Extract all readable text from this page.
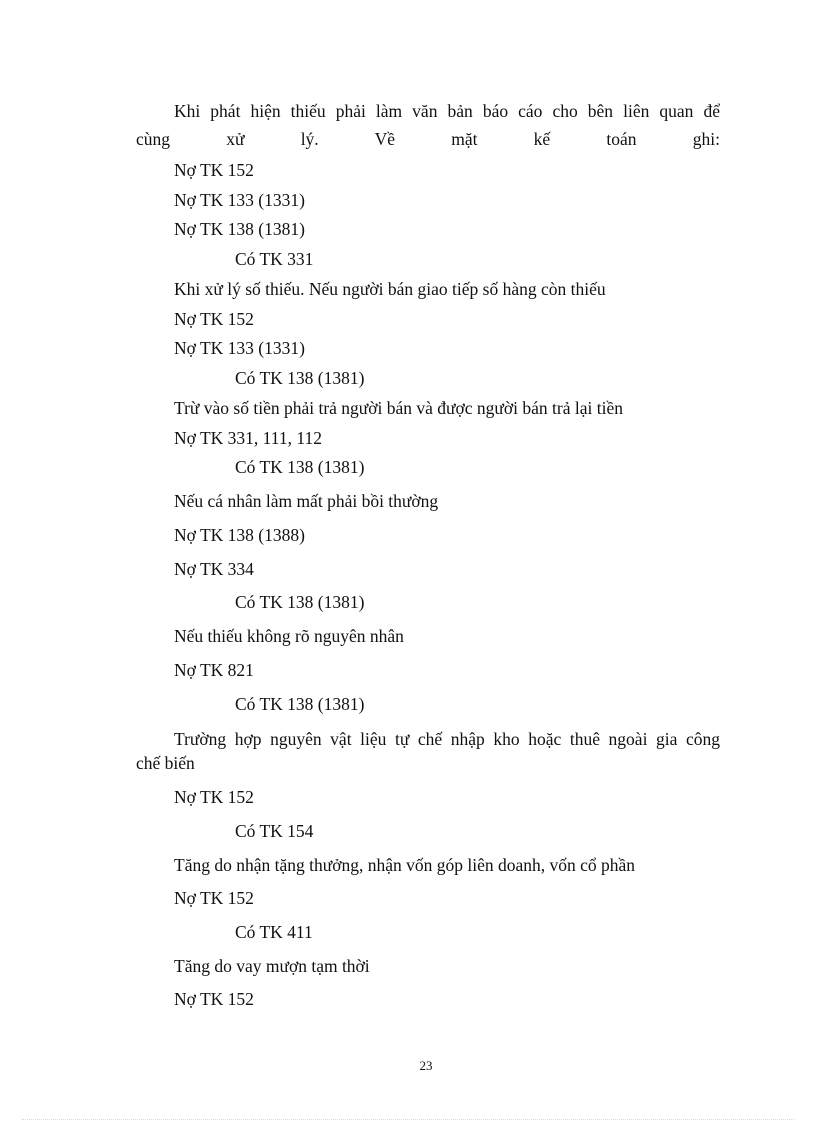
Khi phát hiện thiếu phải làm văn bản báo cáo cho bên liên quan để
cùng xử lý. Về mặt kế toán ghi:
Nợ TK 152
Nợ TK 133 (1331)
Nợ TK 138 (1381)
Có TK 331
Khi xử lý số thiếu. Nếu người bán giao tiếp số hàng còn thiếu
Nợ TK 152
Nợ TK 133 (1331)
Có TK 138 (1381)
Trừ vào số tiền phải trả người bán và được người bán trả lại tiền
Nợ TK 331, 111, 112
Có TK 138 (1381)
Nếu cá nhân làm mất phải bồi thường
Nợ TK 138 (1388)
Nợ TK 334
Có TK 138 (1381)
Nếu thiếu không rõ nguyên nhân
Nợ TK 821
Có TK 138 (1381)
Trường hợp nguyên vật liệu tự chế nhập kho hoặc thuê ngoài gia công
chế biến
Nợ TK 152
Có TK 154
Tăng do nhận tặng thưởng, nhận vốn góp liên doanh, vốn cổ phần
Nợ TK 152
Có TK 411
Tăng do vay mượn tạm thời
Nợ TK 152
23
